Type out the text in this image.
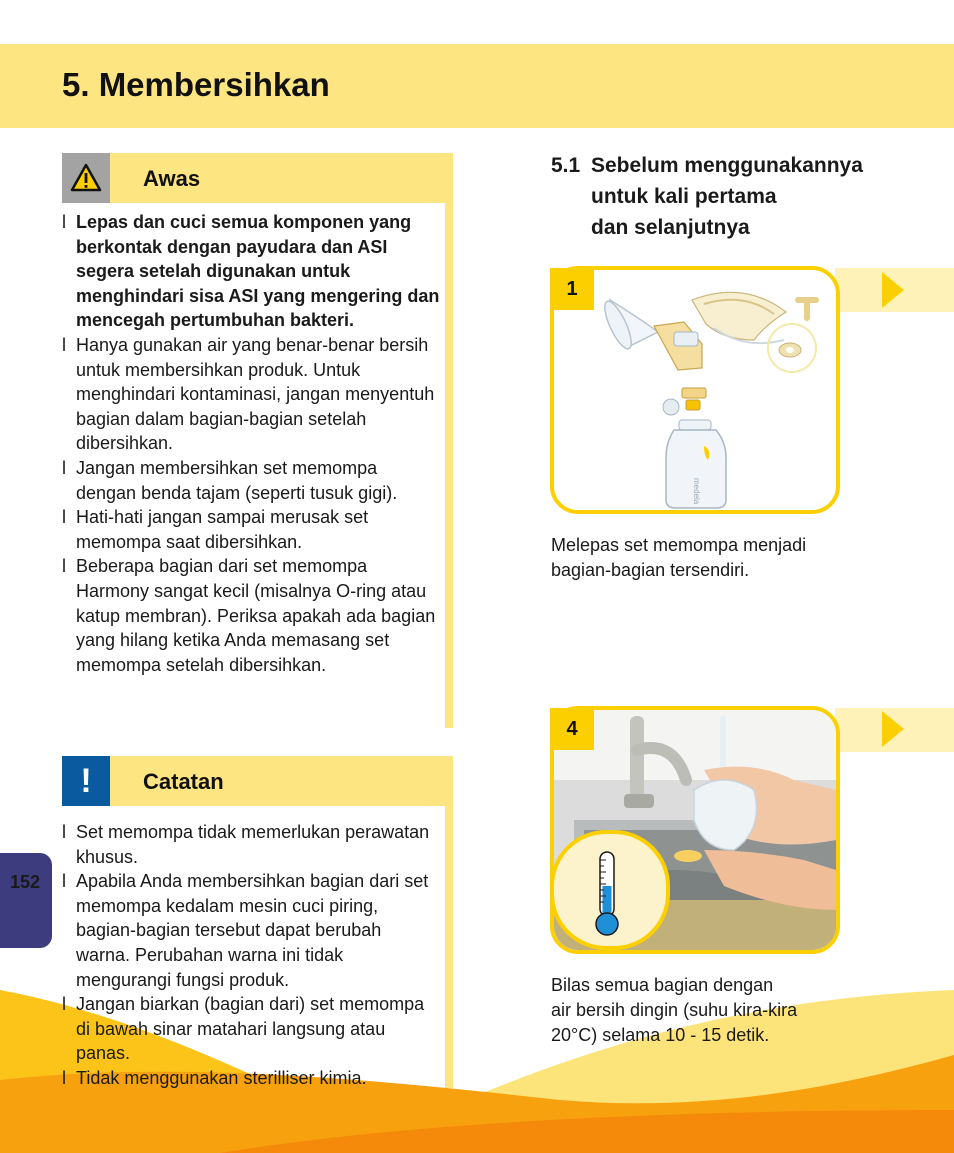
5. Membersihkan
Awas
l Lepas dan cuci semua komponen yang berkontak dengan payudara dan ASI segera setelah digunakan untuk menghindari sisa ASI yang mengering dan mencegah pertumbuhan bakteri.
l Hanya gunakan air yang benar-benar bersih untuk membersihkan produk. Untuk menghindari kontaminasi, jangan menyentuh bagian dalam bagian-bagian setelah dibersihkan.
l Jangan membersihkan set memompa dengan benda tajam (seperti tusuk gigi).
l Hati-hati jangan sampai merusak set memompa saat dibersihkan.
l Beberapa bagian dari set memompa Harmony sangat kecil (misalnya O-ring atau katup membran). Periksa apakah ada bagian yang hilang ketika Anda memasang set memompa setelah dibersihkan.
!	Catatan
l Set memompa tidak memerlukan perawatan khusus.
l Apabila Anda membersihkan bagian dari set memompa kedalam mesin cuci piring, bagian-bagian tersebut dapat berubah warna. Perubahan warna ini tidak mengurangi fungsi produk.
l Jangan biarkan (bagian dari) set memompa di bawah sinar matahari langsung atau panas.
l Tidak menggunakan sterilliser kimia.
152
5.1 Sebelum menggunakannya
untuk kali pertama
dan selanjutnya
medela
1

Melepas set memompa menjadi
bagian-bagian tersendiri.

4

Bilas semua bagian dengan
air bersih dingin (suhu kira-kira
20°C) selama 10 - 15 detik.
